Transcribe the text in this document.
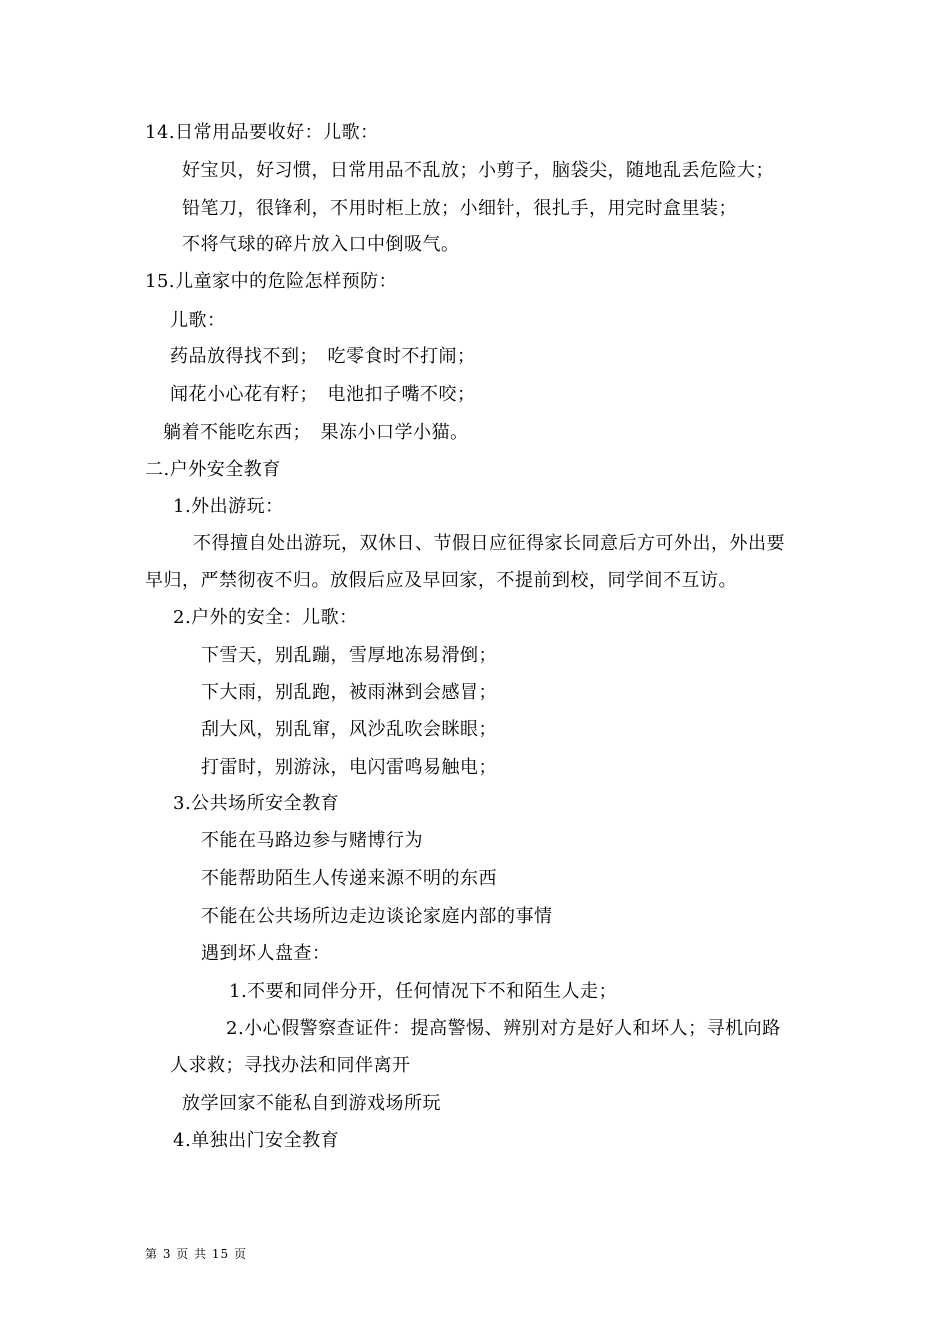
14.日常用品要收好：儿歌：
好宝贝，好习惯，日常用品不乱放；小剪子，脑袋尖，随地乱丢危险大；
铅笔刀，很锋利，不用时柜上放；小细针，很扎手，用完时盒里装；
不将气球的碎片放入口中倒吸气。
15.儿童家中的危险怎样预防：
儿歌：
药品放得找不到；　吃零食时不打闹；
闻花小心花有籽；　电池扣子嘴不咬；
躺着不能吃东西；　果冻小口学小猫。
二.户外安全教育
1.外出游玩：
不得擅自处出游玩，双休日、节假日应征得家长同意后方可外出，外出要
早归，严禁彻夜不归。放假后应及早回家，不提前到校，同学间不互访。
2.户外的安全：儿歌：
下雪天，别乱蹦，雪厚地冻易滑倒；
下大雨，别乱跑，被雨淋到会感冒；
刮大风，别乱窜，风沙乱吹会眯眼；
打雷时，别游泳，电闪雷鸣易触电；
3.公共场所安全教育
不能在马路边参与赌博行为
不能帮助陌生人传递来源不明的东西
不能在公共场所边走边谈论家庭内部的事情
遇到坏人盘查：
1.不要和同伴分开，任何情况下不和陌生人走；
2.小心假警察查证件：提高警惕、辨别对方是好人和坏人；寻机向路
人求救；寻找办法和同伴离开
放学回家不能私自到游戏场所玩
4.单独出门安全教育
第 3 页 共 15 页
